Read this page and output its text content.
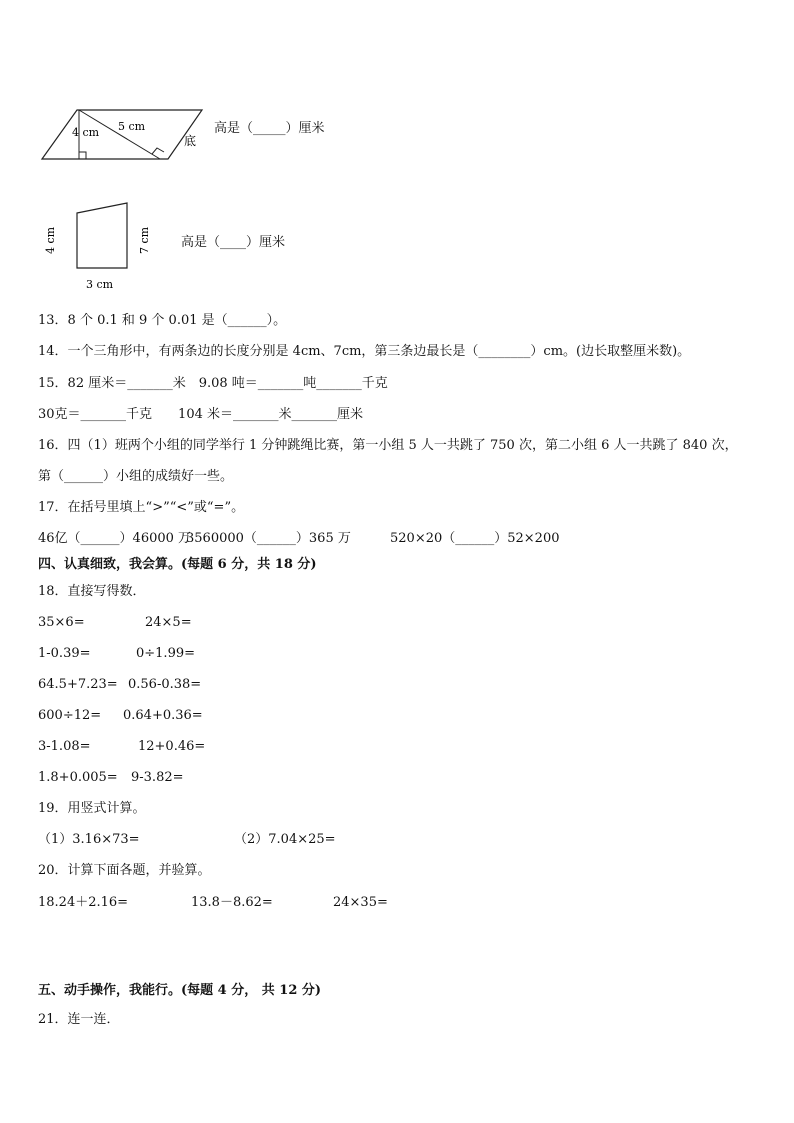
4 cm 5 cm
底
高是（_____）厘米
4 cm	7 cm
3 cm
高是（____）厘米
13．8 个 0.1 和 9 个 0.01 是（______）。
14．一个三角形中，有两条边的长度分别是 4cm、7cm，第三条边最长是（________）cm。(边长取整厘米数)。
15．82 厘米＝_______米　9.08 吨＝_______吨_______千克
30克＝_______千克　　104 米＝_______米_______厘米
16．四（1）班两个小组的同学举行 1 分钟跳绳比赛，第一小组 5 人一共跳了 750 次，第二小组 6 人一共跳了 840 次，
第（______）小组的成绩好一些。
17．在括号里填上“>”“<”或“=”。
46亿（______）46000 万
3560000（______）365 万	520×20（______）52×200
四、认真细致，我会算。(每题 6 分，共 18 分)
18．直接写得数．
35×6=	24×5=
1-0.39=	0÷1.99=
64.5+7.23= 0.56-0.38=
600÷12= 0.64+0.36=
3-1.08=	12+0.46=
1.8+0.005= 9-3.82=
19．用竖式计算。
（1）3.16×73=	（2）7.04×25=
20．计算下面各题，并验算。
18.24＋2.16=	13.8－8.62=	24×35=
五、动手操作，我能行。(每题 4 分， 共 12 分)
21．连一连．
